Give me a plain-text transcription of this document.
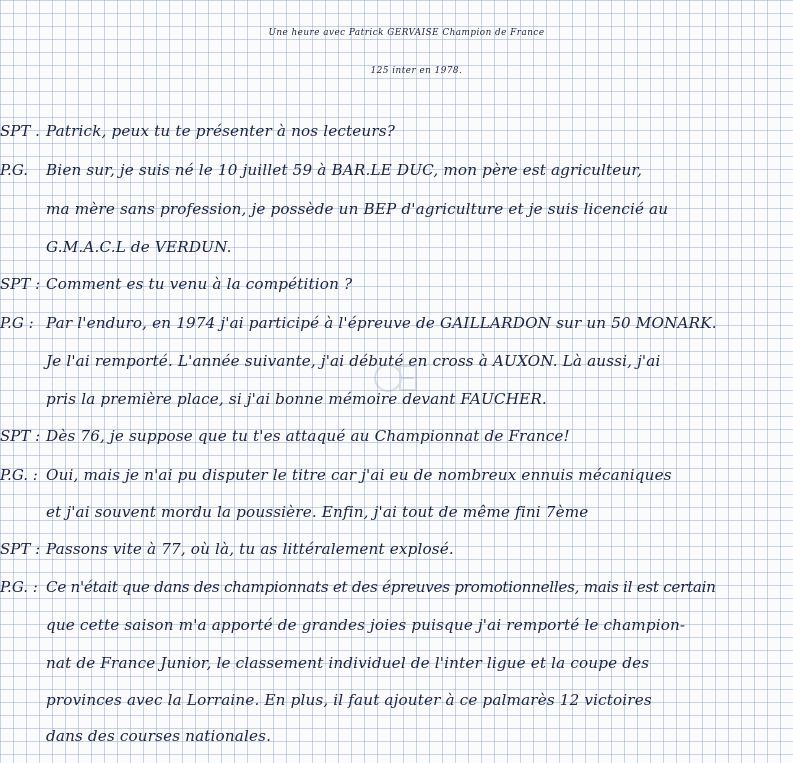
Une heure avec Patrick GERVAISE Champion de France
125 inter en 1978.
SPT . Patrick, peux tu te présenter à nos lecteurs?
P.G. Bien sur, je suis né le 10 juillet 59 à BAR.LE DUC, mon père est agriculteur,
ma mère sans profession, je possède un BEP d'agriculture et je suis licencié au
G.M.A.C.L de VERDUN.
SPT : Comment es tu venu à la compétition ?
P.G : Par l'enduro, en 1974 j'ai participé à l'épreuve de GAILLARDON sur un 50 MONARK.
Je l'ai remporté. L'année suivante, j'ai débuté en cross à AUXON. Là aussi, j'ai
pris la première place, si j'ai bonne mémoire devant FAUCHER.
SPT : Dès 76, je suppose que tu t'es attaqué au Championnat de France!
P.G. : Oui, mais je n'ai pu disputer le titre car j'ai eu de nombreux ennuis mécaniques
et j'ai souvent mordu la poussière. Enfin, j'ai tout de même fini 7ème
SPT : Passons vite à 77, où là, tu as littéralement explosé.
P.G. : Ce n'était que dans des championnats et des épreuves promotionnelles, mais il est certain
que cette saison m'a apporté de grandes joies puisque j'ai remporté le champion-
nat de France Junior, le classement individuel de l'inter ligue et la coupe des
provinces avec la Lorraine. En plus, il faut ajouter à ce palmarès 12 victoires
dans des courses nationales.
